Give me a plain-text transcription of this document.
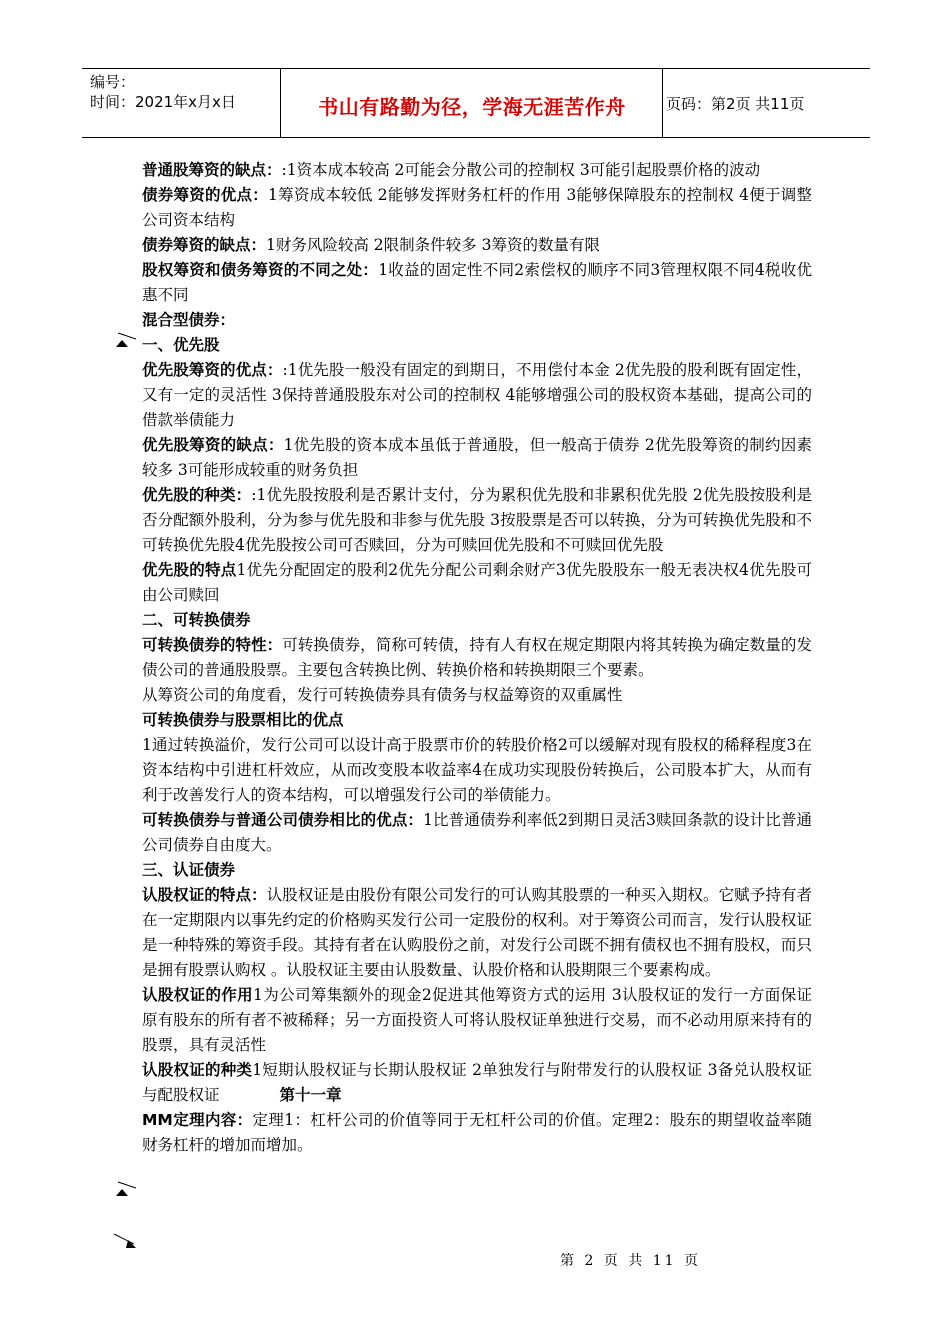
编号：
时间：2021年x月x日	书山有路勤为径，学海无涯苦作舟	页码：第2页 共11页

普通股筹资的缺点：:1资本成本较高 2可能会分散公司的控制权 3可能引起股票价格的波动

债券筹资的优点：1筹资成本较低 2能够发挥财务杠杆的作用 3能够保障股东的控制权 4便于调整公司资本结构

债券筹资的缺点：1财务风险较高 2限制条件较多 3筹资的数量有限

股权筹资和债务筹资的不同之处：1收益的固定性不同2索偿权的顺序不同3管理权限不同4税收优惠不同

混合型债券：

一、优先股

优先股筹资的优点：:1优先股一般没有固定的到期日，不用偿付本金 2优先股的股利既有固定性，又有一定的灵活性 3保持普通股股东对公司的控制权 4能够增强公司的股权资本基础，提高公司的借款举债能力

优先股筹资的缺点：1优先股的资本成本虽低于普通股，但一般高于债券 2优先股筹资的制约因素较多 3可能形成较重的财务负担

优先股的种类：:1优先股按股利是否累计支付，分为累积优先股和非累积优先股 2优先股按股利是否分配额外股利，分为参与优先股和非参与优先股 3按股票是否可以转换，分为可转换优先股和不可转换优先股4优先股按公司可否赎回，分为可赎回优先股和不可赎回优先股

优先股的特点1优先分配固定的股利2优先分配公司剩余财产3优先股股东一般无表决权4优先股可由公司赎回

二、可转换债券

可转换债券的特性：可转换债券，简称可转债，持有人有权在规定期限内将其转换为确定数量的发债公司的普通股股票。主要包含转换比例、转换价格和转换期限三个要素。

从筹资公司的角度看，发行可转换债券具有债务与权益筹资的双重属性

可转换债券与股票相比的优点

1通过转换溢价，发行公司可以设计高于股票市价的转股价格2可以缓解对现有股权的稀释程度3在资本结构中引进杠杆效应，从而改变股本收益率4在成功实现股份转换后，公司股本扩大，从而有利于改善发行人的资本结构，可以增强发行公司的举债能力。

可转换债券与普通公司债券相比的优点：1比普通债券利率低2到期日灵活3赎回条款的设计比普通公司债券自由度大。

三、认证债券

认股权证的特点：认股权证是由股份有限公司发行的可认购其股票的一种买入期权。它赋予持有者在一定期限内以事先约定的价格购买发行公司一定股份的权利。对于筹资公司而言，发行认股权证是一种特殊的筹资手段。其持有者在认购股份之前，对发行公司既不拥有债权也不拥有股权，而只是拥有股票认购权 。认股权证主要由认股数量、认股价格和认股期限三个要素构成。

认股权证的作用1为公司筹集额外的现金2促进其他筹资方式的运用 3认股权证的发行一方面保证原有股东的所有者不被稀释；另一方面投资人可将认股权证单独进行交易，而不必动用原来持有的股票，具有灵活性

认股权证的种类1短期认股权证与长期认股权证 2单独发行与附带发行的认股权证 3备兑认股权证与配股权证	第十一章

MM定理内容：定理1：杠杆公司的价值等同于无杠杆公司的价值。定理2：股东的期望收益率随财务杠杆的增加而增加。

第 2 页 共 11 页
